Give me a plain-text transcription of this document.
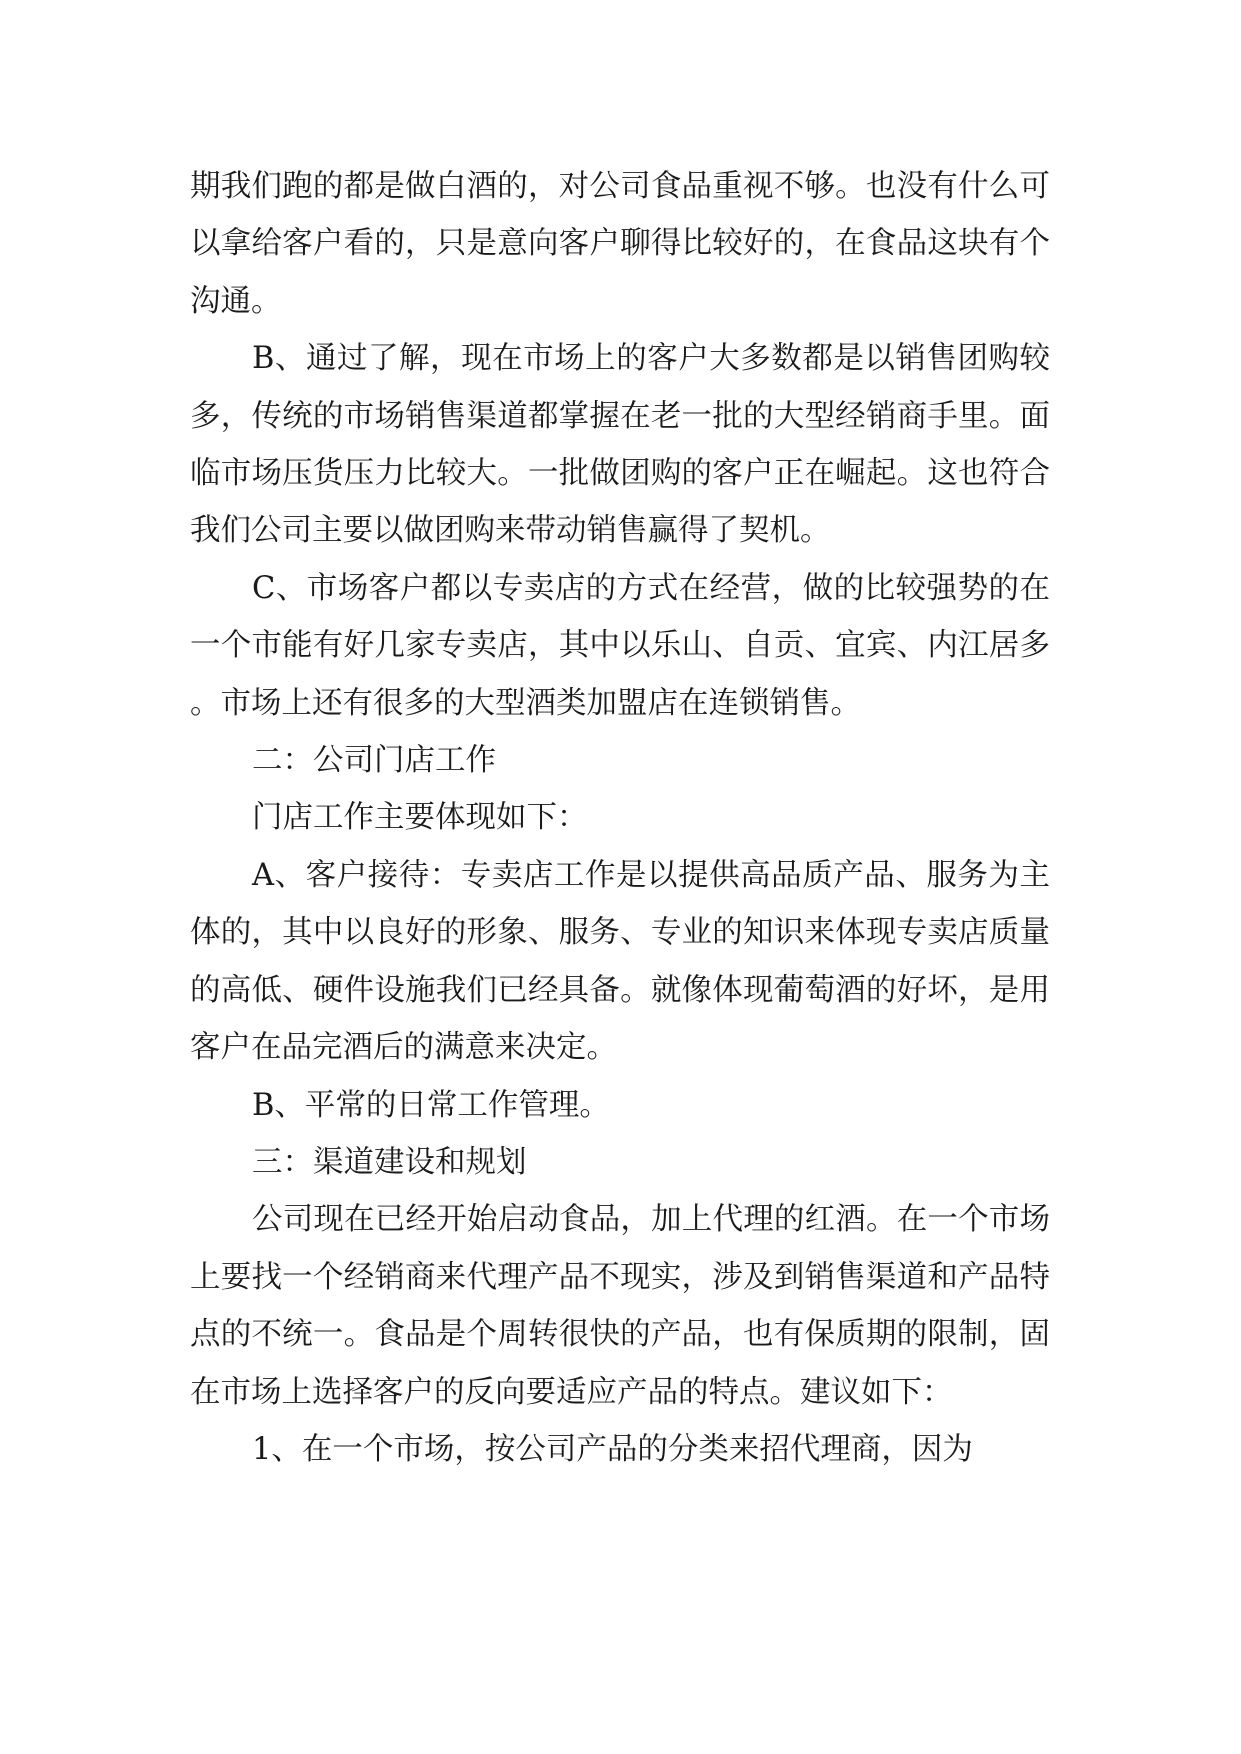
期我们跑的都是做白酒的，对公司食品重视不够。也没有什么可以拿给客户看的，只是意向客户聊得比较好的，在食品这块有个沟通。

B、通过了解，现在市场上的客户大多数都是以销售团购较多，传统的市场销售渠道都掌握在老一批的大型经销商手里。面临市场压货压力比较大。一批做团购的客户正在崛起。这也符合我们公司主要以做团购来带动销售赢得了契机。

C、市场客户都以专卖店的方式在经营，做的比较强势的在一个市能有好几家专卖店，其中以乐山、自贡、宜宾、内江居多。市场上还有很多的大型酒类加盟店在连锁销售。

二：公司门店工作

门店工作主要体现如下：

A、客户接待：专卖店工作是以提供高品质产品、服务为主体的，其中以良好的形象、服务、专业的知识来体现专卖店质量的高低、硬件设施我们已经具备。就像体现葡萄酒的好坏，是用客户在品完酒后的满意来决定。

B、平常的日常工作管理。

三：渠道建设和规划

公司现在已经开始启动食品，加上代理的红酒。在一个市场上要找一个经销商来代理产品不现实，涉及到销售渠道和产品特点的不统一。食品是个周转很快的产品，也有保质期的限制，固在市场上选择客户的反向要适应产品的特点。建议如下：

1、在一个市场，按公司产品的分类来招代理商，因为
